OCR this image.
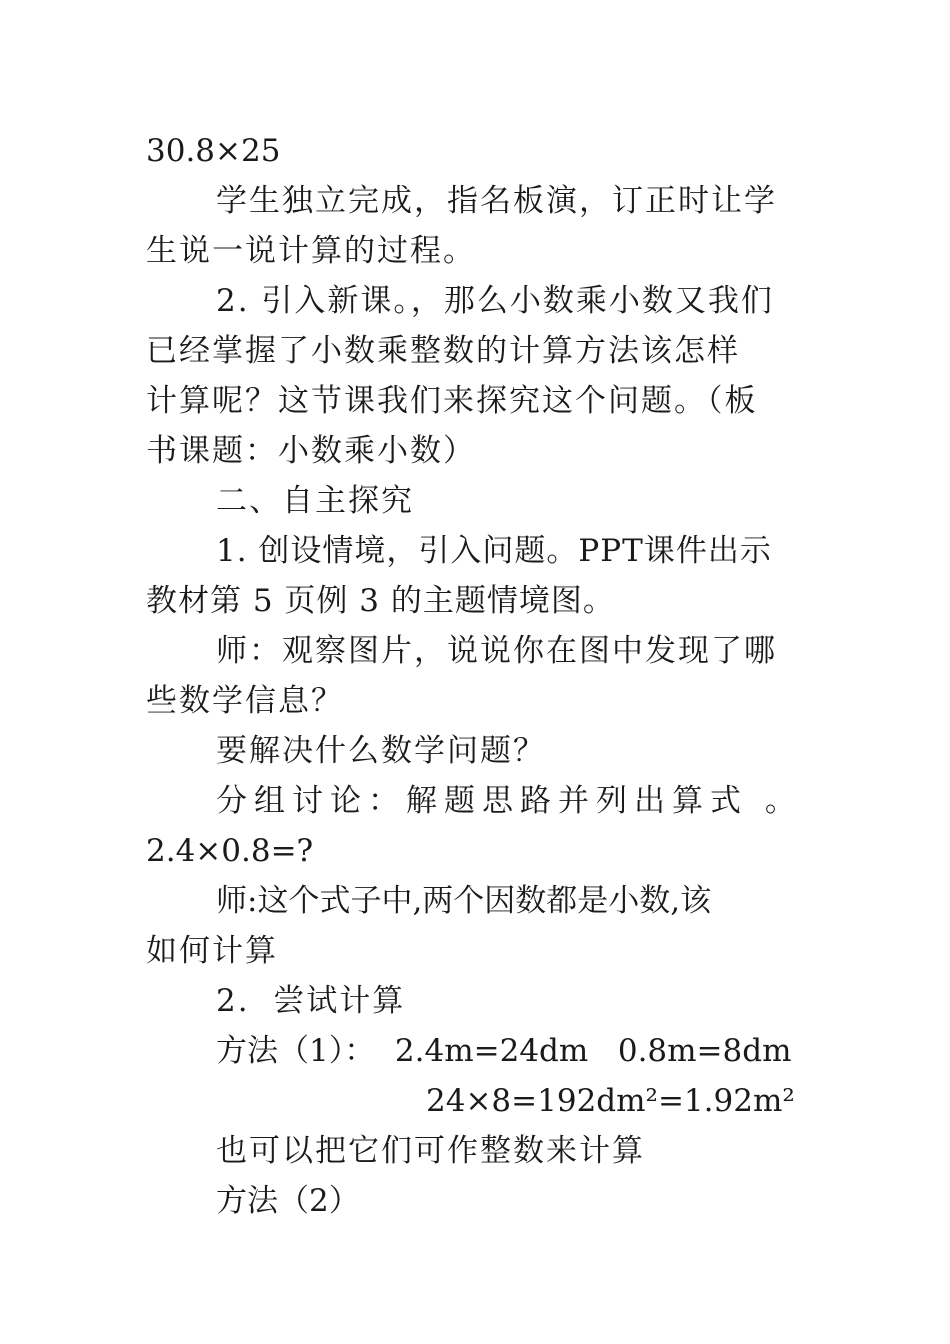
30.8×25
学生独立完成，指名板演，订正时让学
生说一说计算的过程。
2. 引入新课。，那么小数乘小数又我们
已经掌握了小数乘整数的计算方法该怎样
计算呢？这节课我们来探究这个问题。（板
书课题：小数乘小数）
二、自主探究
1. 创设情境，引入问题。PPT课件出示
教材第 5 页例 3 的主题情境图。
师：观察图片，说说你在图中发现了哪
些数学信息？
要解决什么数学问题？
分组讨论：解题思路并列出算式 。
2.4×0.8=?
师:这个式子中,两个因数都是小数,该
如何计算
2.  尝试计算
方法（1）：  2.4m=24dm   0.8m=8dm
24×8=192dm²=1.92m²
也可以把它们可作整数来计算
方法（2）
